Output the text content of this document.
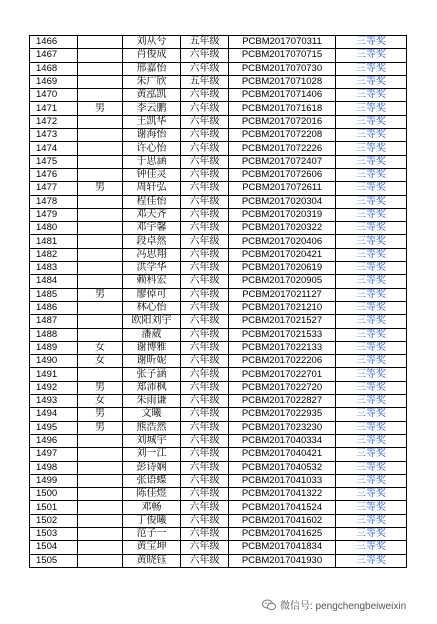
1466		刘从兮	五年级	PCBM2017070311	三等奖
1467		肖俊成	六年级	PCBM2017070715	三等奖
1468		邢嘉怡	六年级	PCBM2017070730	三等奖
1469		朱广欣	五年级	PCBM2017071028	三等奖
1470		黄泓凯	六年级	PCBM2017071406	三等奖
1471	男	李云鹏	六年级	PCBM2017071618	三等奖
1472		王凯华	六年级	PCBM2017072016	三等奖
1473		谢海怡	六年级	PCBM2017072208	三等奖
1474		许心怡	六年级	PCBM2017072226	三等奖
1475		于思涵	六年级	PCBM2017072407	三等奖
1476		钟佳灵	六年级	PCBM2017072606	三等奖
1477	男	周轩弘	六年级	PCBM2017072611	三等奖
1478		程佳怡	六年级	PCBM2017020304	三等奖
1479		邓天齐	六年级	PCBM2017020319	三等奖
1480		邓宇馨	六年级	PCBM2017020322	三等奖
1481		段卓然	六年级	PCBM2017020406	三等奖
1482		冯思翔	六年级	PCBM2017020421	三等奖
1483		洪学华	六年级	PCBM2017020619	三等奖
1484		赖科宏	六年级	PCBM2017020905	三等奖
1485	男	廖倬可	六年级	PCBM2017021127	三等奖
1486		林心怡	六年级	PCBM2017021210	三等奖
1487		欧阳刘宇	六年级	PCBM2017021527	三等奖
1488		潘葳	六年级	PCBM2017021533	三等奖
1489	女	谢博雅	六年级	PCBM2017022133	三等奖
1490	女	谢昕妮	六年级	PCBM2017022206	三等奖
1491		张子涵	六年级	PCBM2017022701	三等奖
1492	男	郑沛枫	六年级	PCBM2017022720	三等奖
1493	女	朱雨谦	六年级	PCBM2017022827	三等奖
1494	男	文曦	六年级	PCBM2017022935	三等奖
1495	男	熊浩然	六年级	PCBM2017023230	三等奖
1496		刘城宇	六年级	PCBM2017040334	三等奖
1497		刘一江	六年级	PCBM2017040421	三等奖
1498		彭诗娴	六年级	PCBM2017040532	三等奖
1499		张语蝶	六年级	PCBM2017041033	三等奖
1500		陈佳煜	六年级	PCBM2017041322	三等奖
1501		邓畅	六年级	PCBM2017041524	三等奖
1502		丁俊曦	六年级	PCBM2017041602	三等奖
1503		范子一	六年级	PCBM2017041625	三等奖
1504		黄宝坤	六年级	PCBM2017041834	三等奖
1505		黄晓钰	六年级	PCBM2017041930	三等奖
微信号: pengchengbeiweixin
